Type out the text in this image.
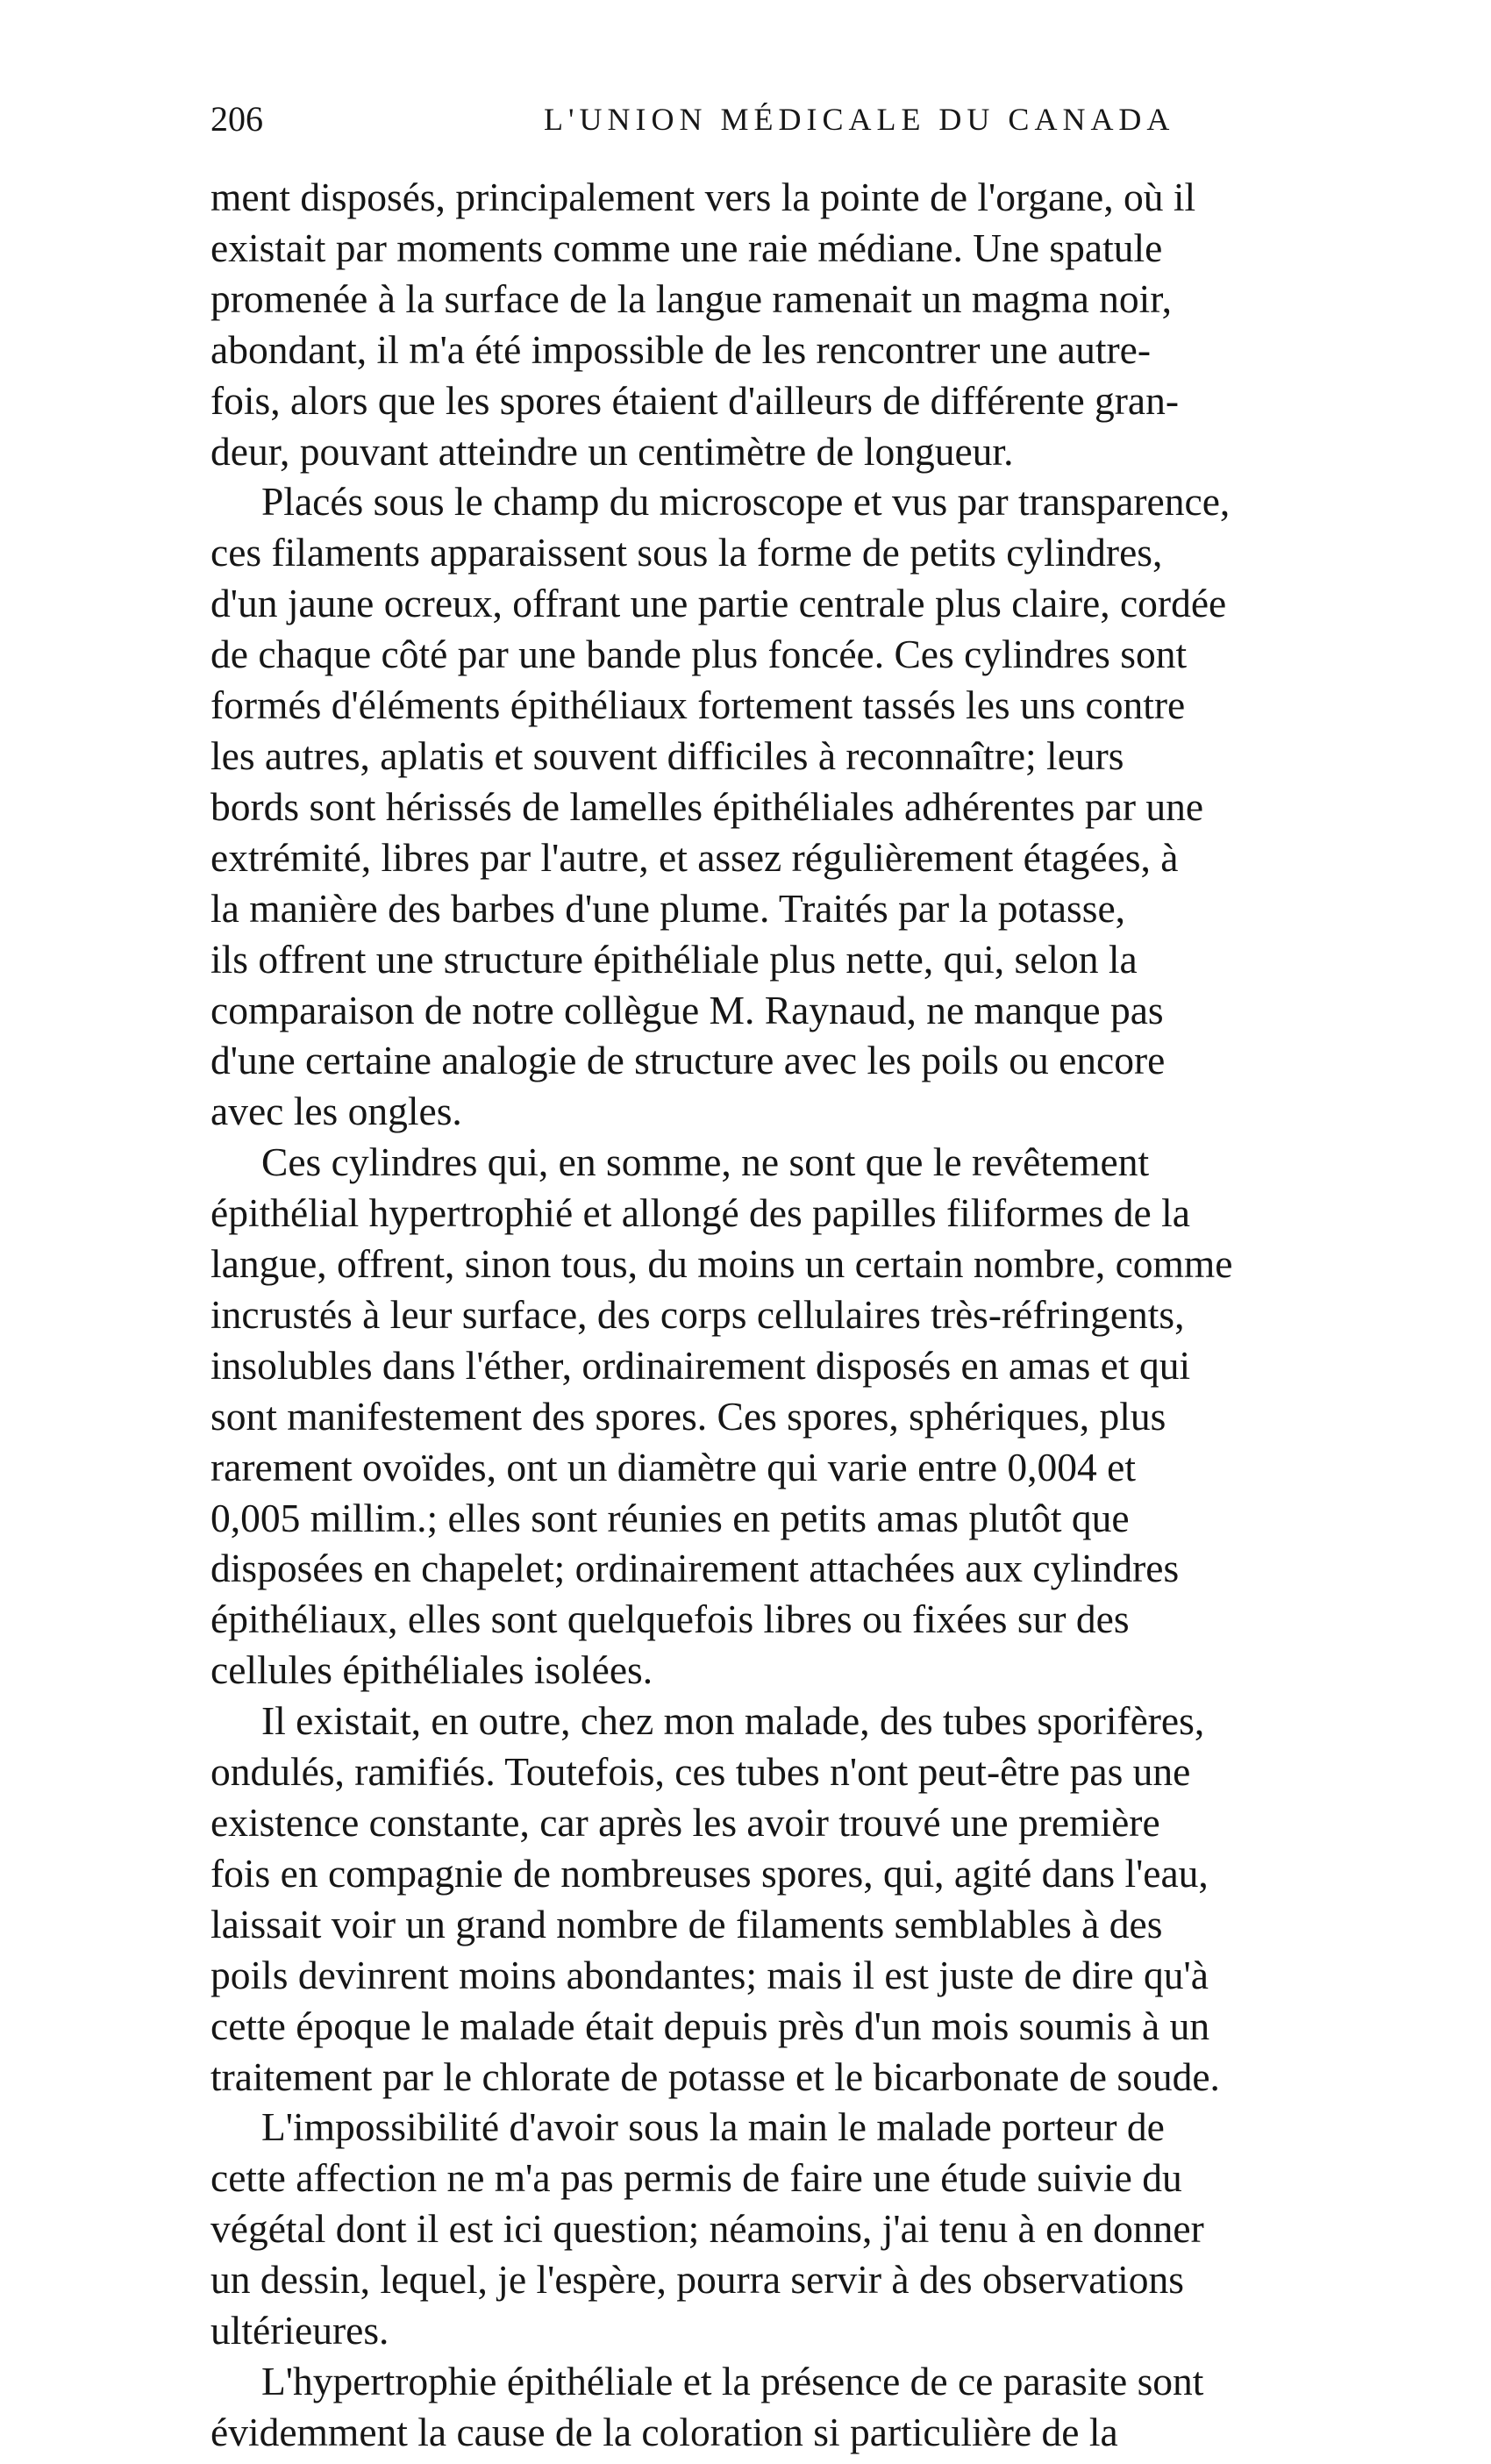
206	L'UNION MÉDICALE DU CANADA

ment disposés, principalement vers la pointe de l'organe, où il
existait par moments comme une raie médiane. Une spatule
promenée à la surface de la langue ramenait un magma noir,
abondant, il m'a été impossible de les rencontrer une autre-
fois, alors que les spores étaient d'ailleurs de différente gran-
deur, pouvant atteindre un centimètre de longueur.

Placés sous le champ du microscope et vus par transparence,
ces filaments apparaissent sous la forme de petits cylindres,
d'un jaune ocreux, offrant une partie centrale plus claire, cordée
de chaque côté par une bande plus foncée. Ces cylindres sont
formés d'éléments épithéliaux fortement tassés les uns contre
les autres, aplatis et souvent difficiles à reconnaître; leurs
bords sont hérissés de lamelles épithéliales adhérentes par une
extrémité, libres par l'autre, et assez régulièrement étagées, à
la manière des barbes d'une plume. Traités par la potasse,
ils offrent une structure épithéliale plus nette, qui, selon la
comparaison de notre collègue M. Raynaud, ne manque pas
d'une certaine analogie de structure avec les poils ou encore
avec les ongles.

Ces cylindres qui, en somme, ne sont que le revêtement
épithélial hypertrophié et allongé des papilles filiformes de la
langue, offrent, sinon tous, du moins un certain nombre, comme
incrustés à leur surface, des corps cellulaires très-réfringents,
insolubles dans l'éther, ordinairement disposés en amas et qui
sont manifestement des spores. Ces spores, sphériques, plus
rarement ovoïdes, ont un diamètre qui varie entre 0,004 et
0,005 millim.; elles sont réunies en petits amas plutôt que
disposées en chapelet; ordinairement attachées aux cylindres
épithéliaux, elles sont quelquefois libres ou fixées sur des
cellules épithéliales isolées.

Il existait, en outre, chez mon malade, des tubes sporifères,
ondulés, ramifiés. Toutefois, ces tubes n'ont peut-être pas une
existence constante, car après les avoir trouvé une première
fois en compagnie de nombreuses spores, qui, agité dans l'eau,
laissait voir un grand nombre de filaments semblables à des
poils devinrent moins abondantes; mais il est juste de dire qu'à
cette époque le malade était depuis près d'un mois soumis à un
traitement par le chlorate de potasse et le bicarbonate de soude.

L'impossibilité d'avoir sous la main le malade porteur de
cette affection ne m'a pas permis de faire une étude suivie du
végétal dont il est ici question; néamoins, j'ai tenu à en donner
un dessin, lequel, je l'espère, pourra servir à des observations
ultérieures.

L'hypertrophie épithéliale et la présence de ce parasite sont
évidemment la cause de la coloration si particulière de la
